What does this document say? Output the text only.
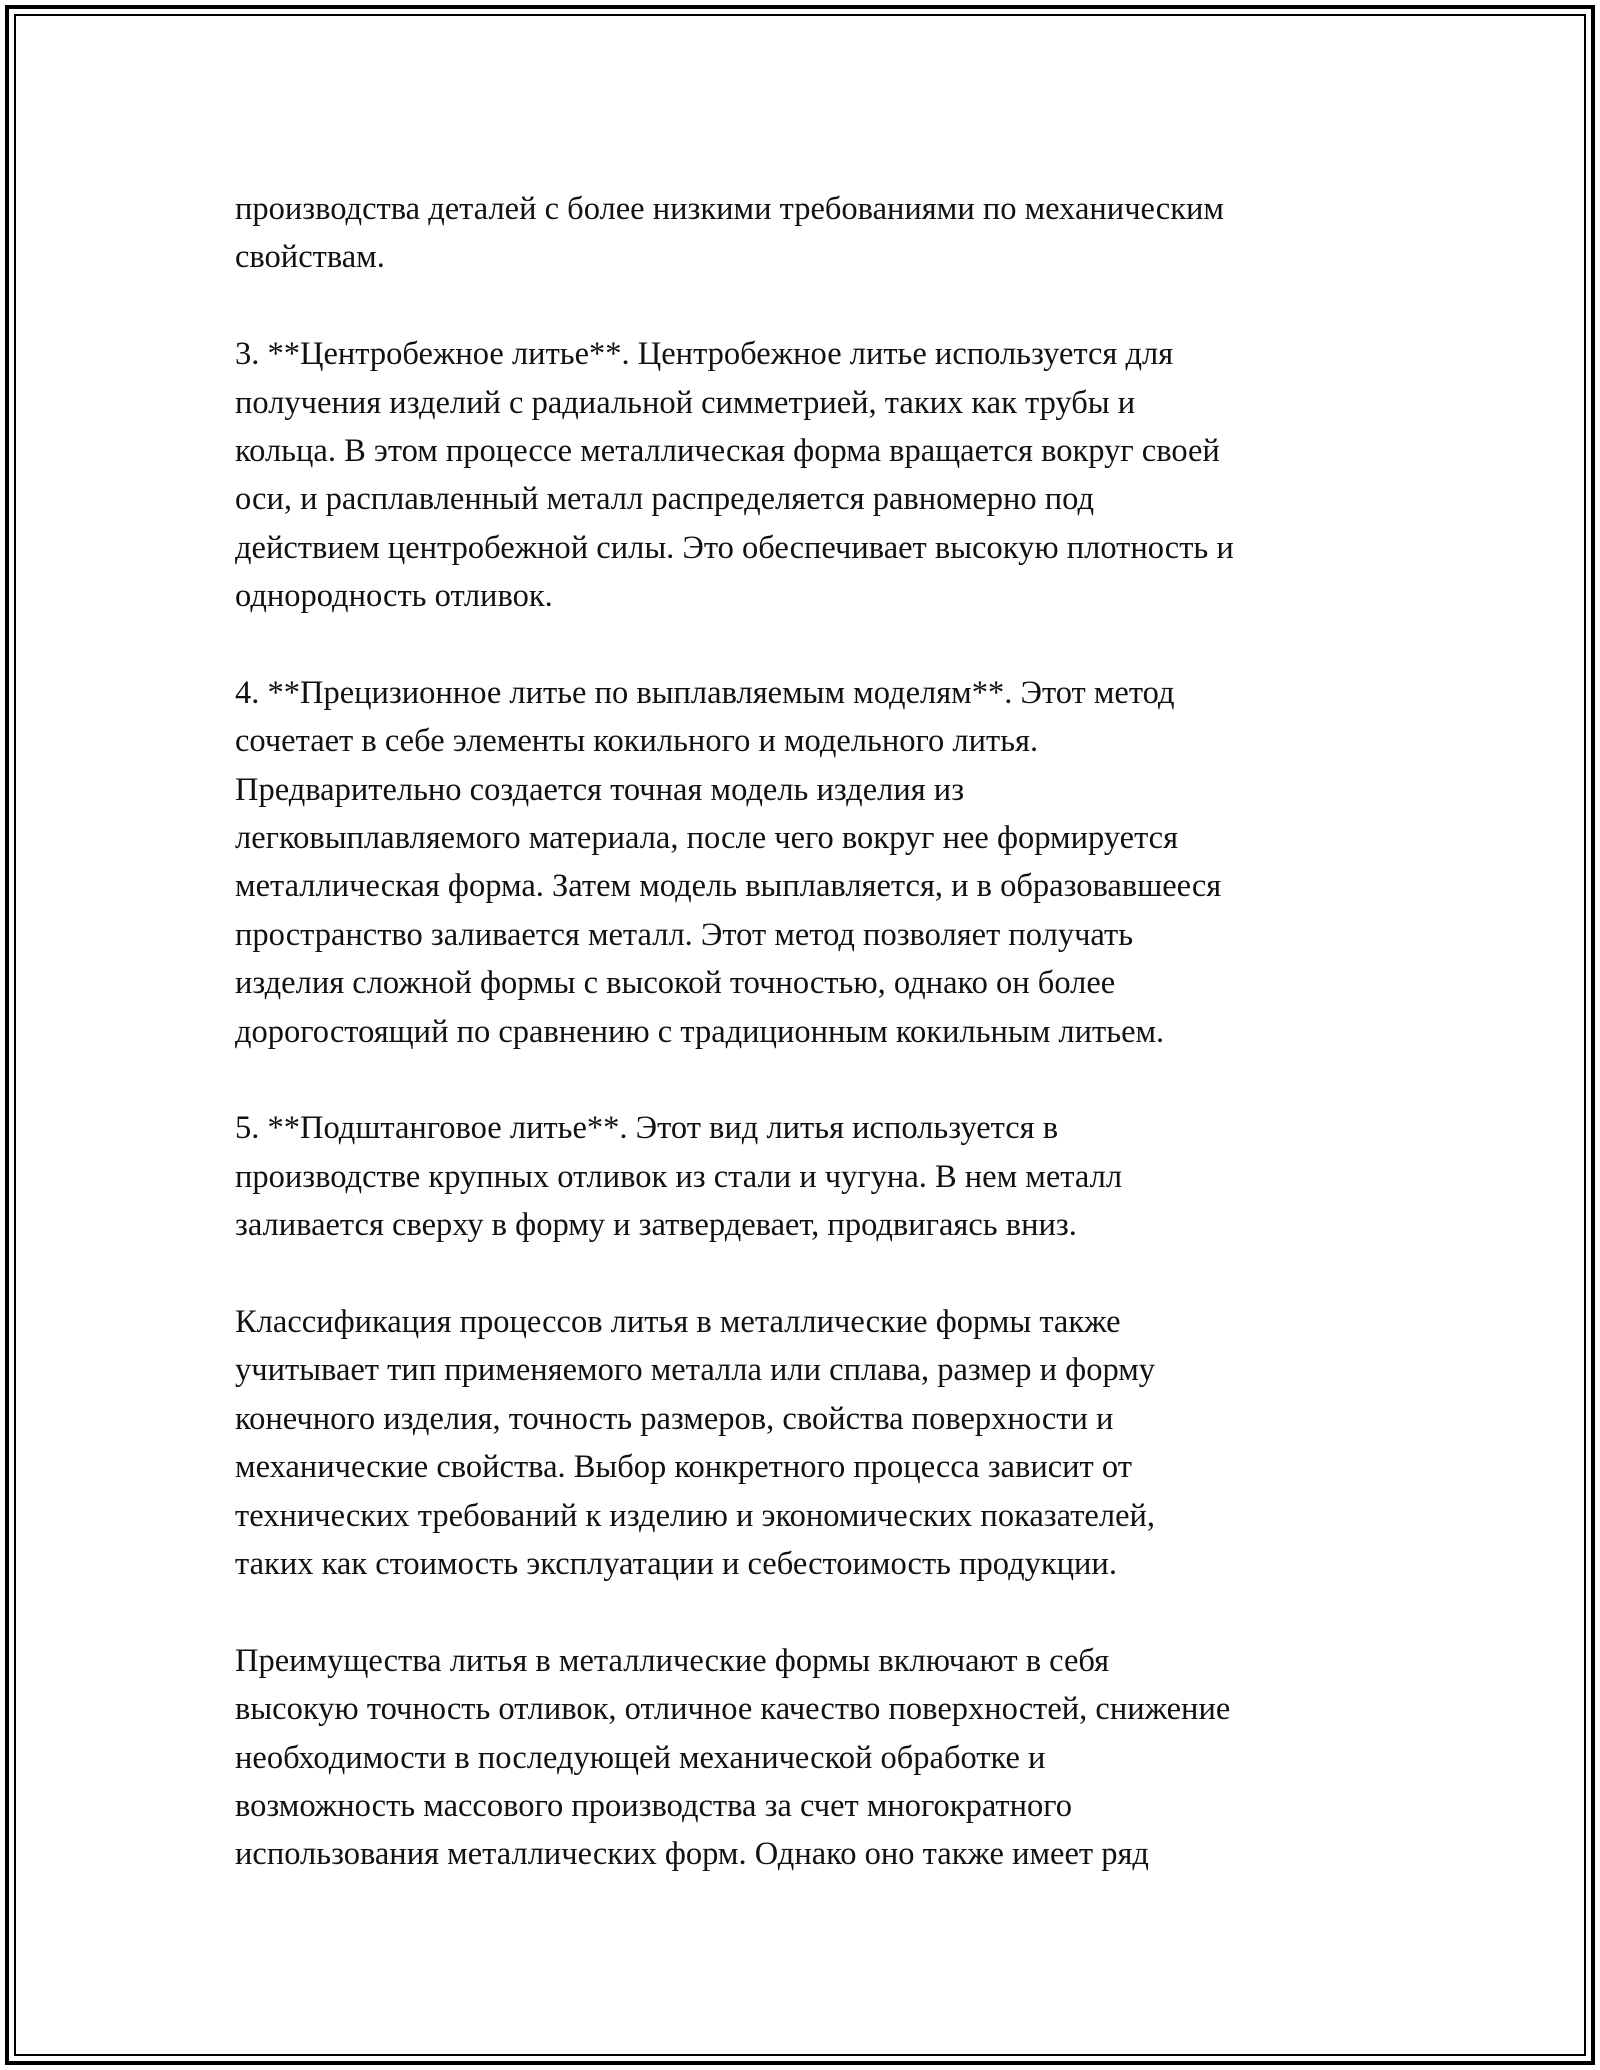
производства деталей с более низкими требованиями по механическим
свойствам.
3. **Центробежное литье**. Центробежное литье используется для
получения изделий с радиальной симметрией, таких как трубы и
кольца. В этом процессе металлическая форма вращается вокруг своей
оси, и расплавленный металл распределяется равномерно под
действием центробежной силы. Это обеспечивает высокую плотность и
однородность отливок.
4. **Прецизионное литье по выплавляемым моделям**. Этот метод
сочетает в себе элементы кокильного и модельного литья.
Предварительно создается точная модель изделия из
легковыплавляемого материала, после чего вокруг нее формируется
металлическая форма. Затем модель выплавляется, и в образовавшееся
пространство заливается металл. Этот метод позволяет получать
изделия сложной формы с высокой точностью, однако он более
дорогостоящий по сравнению с традиционным кокильным литьем.
5. **Подштанговое литье**. Этот вид литья используется в
производстве крупных отливок из стали и чугуна. В нем металл
заливается сверху в форму и затвердевает, продвигаясь вниз.
Классификация процессов литья в металлические формы также
учитывает тип применяемого металла или сплава, размер и форму
конечного изделия, точность размеров, свойства поверхности и
механические свойства. Выбор конкретного процесса зависит от
технических требований к изделию и экономических показателей,
таких как стоимость эксплуатации и себестоимость продукции.
Преимущества литья в металлические формы включают в себя
высокую точность отливок, отличное качество поверхностей, снижение
необходимости в последующей механической обработке и
возможность массового производства за счет многократного
использования металлических форм. Однако оно также имеет ряд
